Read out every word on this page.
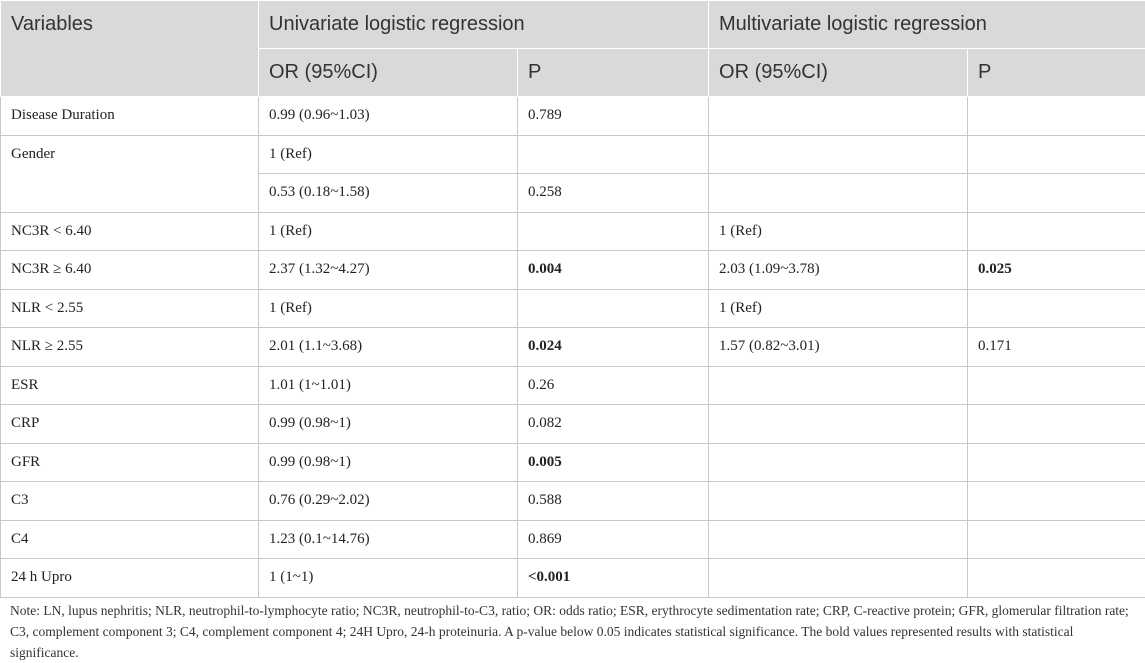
Variables	Univariate logistic regression		Multivariate logistic regression	
	OR (95%CI)	P	OR (95%CI)	P
Disease Duration	0.99 (0.96~1.03)	0.789		
Gender	1 (Ref)			
	0.53 (0.18~1.58)	0.258		
NC3R < 6.40	1 (Ref)		1 (Ref)	
NC3R ≥ 6.40	2.37 (1.32~4.27)	0.004	2.03 (1.09~3.78)	0.025
NLR < 2.55	1 (Ref)		1 (Ref)	
NLR ≥ 2.55	2.01 (1.1~3.68)	0.024	1.57 (0.82~3.01)	0.171
ESR	1.01 (1~1.01)	0.26		
CRP	0.99 (0.98~1)	0.082		
GFR	0.99 (0.98~1)	0.005		
C3	0.76 (0.29~2.02)	0.588		
C4	1.23 (0.1~14.76)	0.869		
24 h Upro	1 (1~1)	<0.001		
Note: LN, lupus nephritis; NLR, neutrophil-to-lymphocyte ratio; NC3R, neutrophil-to-C3, ratio; OR: odds ratio; ESR, erythrocyte sedimentation rate; CRP, C-reactive protein; GFR, glomerular filtration rate; C3, complement component 3; C4, complement component 4; 24H Upro, 24-h proteinuria. A p-value below 0.05 indicates statistical significance. The bold values represented results with statistical significance.
